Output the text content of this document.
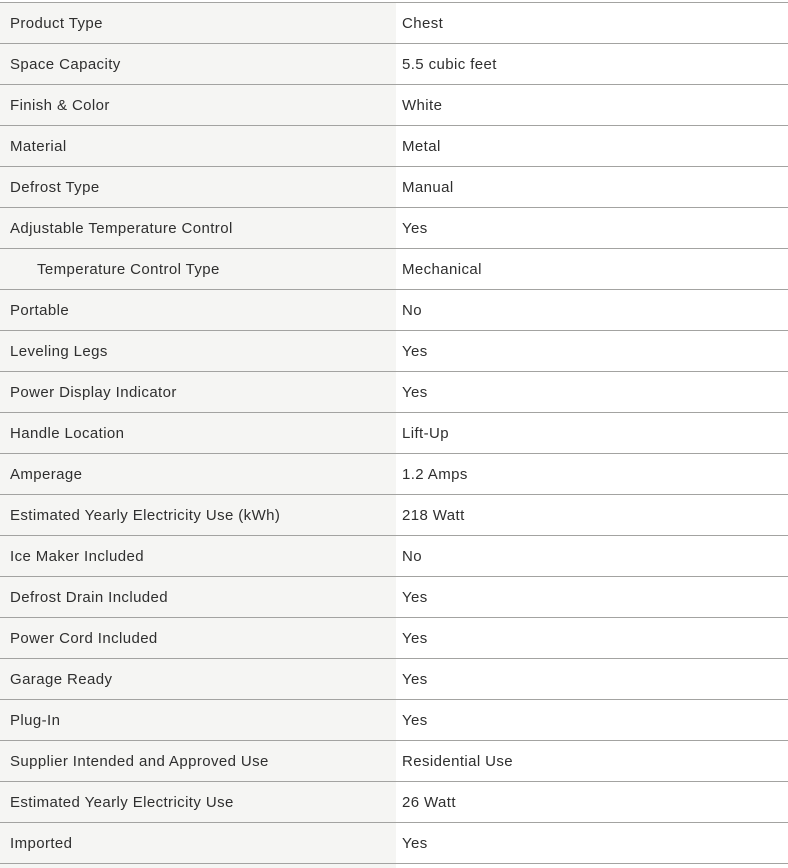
Product Type	Chest
Space Capacity	5.5 cubic feet
Finish & Color	White
Material	Metal
Defrost Type	Manual
Adjustable Temperature Control	Yes
Temperature Control Type	Mechanical
Portable	No
Leveling Legs	Yes
Power Display Indicator	Yes
Handle Location	Lift-Up
Amperage	1.2 Amps
Estimated Yearly Electricity Use (kWh)	218 Watt
Ice Maker Included	No
Defrost Drain Included	Yes
Power Cord Included	Yes
Garage Ready	Yes
Plug-In	Yes
Supplier Intended and Approved Use	Residential Use
Estimated Yearly Electricity Use	26 Watt
Imported	Yes
